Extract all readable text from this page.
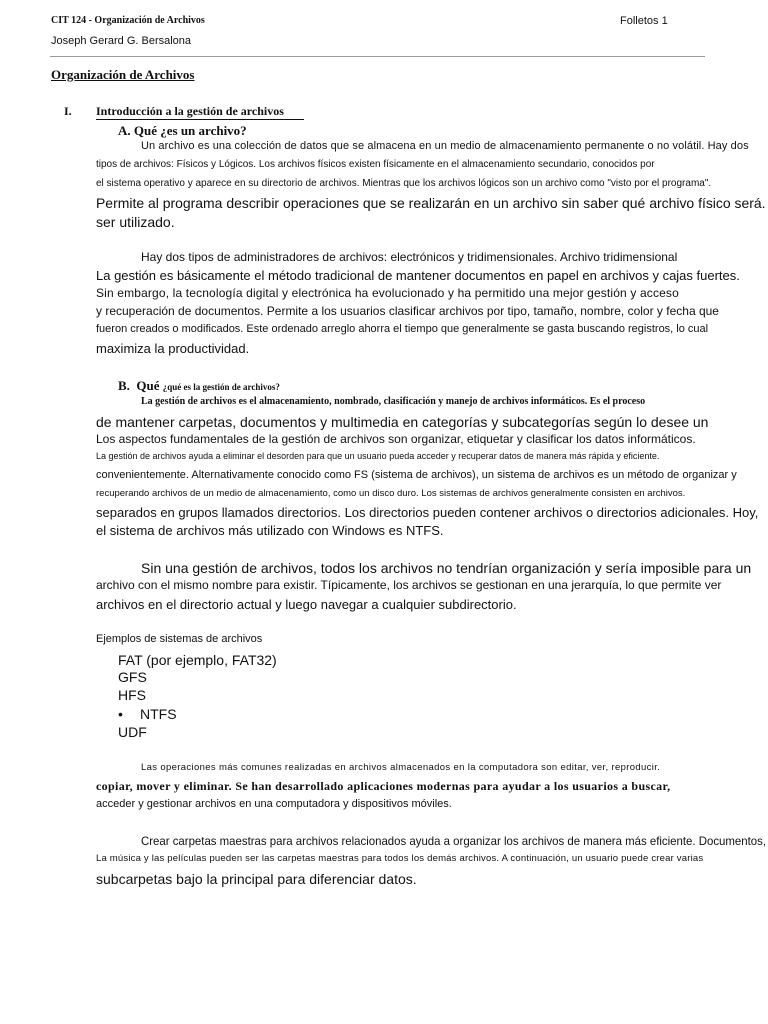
CIT 124 - Organización de Archivos	Folletos 1
Joseph Gerard G. Bersalona
Organización de Archivos
I. Introducción a la gestión de archivos
A. Qué ¿es un archivo?
Un archivo es una colección de datos que se almacena en un medio de almacenamiento permanente o no volátil. Hay dos
tipos de archivos: Físicos y Lógicos. Los archivos físicos existen físicamente en el almacenamiento secundario, conocidos por
el sistema operativo y aparece en su directorio de archivos. Mientras que los archivos lógicos son un archivo como "visto por el programa".
Permite al programa describir operaciones que se realizarán en un archivo sin saber qué archivo físico será.
ser utilizado.
Hay dos tipos de administradores de archivos: electrónicos y tridimensionales. Archivo tridimensional
La gestión es básicamente el método tradicional de mantener documentos en papel en archivos y cajas fuertes.
Sin embargo, la tecnología digital y electrónica ha evolucionado y ha permitido una mejor gestión y acceso
y recuperación de documentos. Permite a los usuarios clasificar archivos por tipo, tamaño, nombre, color y fecha que
fueron creados o modificados. Este ordenado arreglo ahorra el tiempo que generalmente se gasta buscando registros, lo cual
maximiza la productividad.
B. Qué ¿qué es la gestión de archivos?
La gestión de archivos es el almacenamiento, nombrado, clasificación y manejo de archivos informáticos. Es el proceso
de mantener carpetas, documentos y multimedia en categorías y subcategorías según lo desee un
Los aspectos fundamentales de la gestión de archivos son organizar, etiquetar y clasificar los datos informáticos.
La gestión de archivos ayuda a eliminar el desorden para que un usuario pueda acceder y recuperar datos de manera más rápida y eficiente.
convenientemente. Alternativamente conocido como FS (sistema de archivos), un sistema de archivos es un método de organizar y
recuperando archivos de un medio de almacenamiento, como un disco duro. Los sistemas de archivos generalmente consisten en archivos.
separados en grupos llamados directorios. Los directorios pueden contener archivos o directorios adicionales. Hoy,
el sistema de archivos más utilizado con Windows es NTFS.
Sin una gestión de archivos, todos los archivos no tendrían organización y sería imposible para un
archivo con el mismo nombre para existir. Típicamente, los archivos se gestionan en una jerarquía, lo que permite ver
archivos en el directorio actual y luego navegar a cualquier subdirectorio.
Ejemplos de sistemas de archivos
FAT (por ejemplo, FAT32)
GFS
HFS
• NTFS
UDF
Las operaciones más comunes realizadas en archivos almacenados en la computadora son editar, ver, reproducir.
copiar, mover y eliminar. Se han desarrollado aplicaciones modernas para ayudar a los usuarios a buscar,
acceder y gestionar archivos en una computadora y dispositivos móviles.
Crear carpetas maestras para archivos relacionados ayuda a organizar los archivos de manera más eficiente. Documentos,
La música y las películas pueden ser las carpetas maestras para todos los demás archivos. A continuación, un usuario puede crear varias
subcarpetas bajo la principal para diferenciar datos.
